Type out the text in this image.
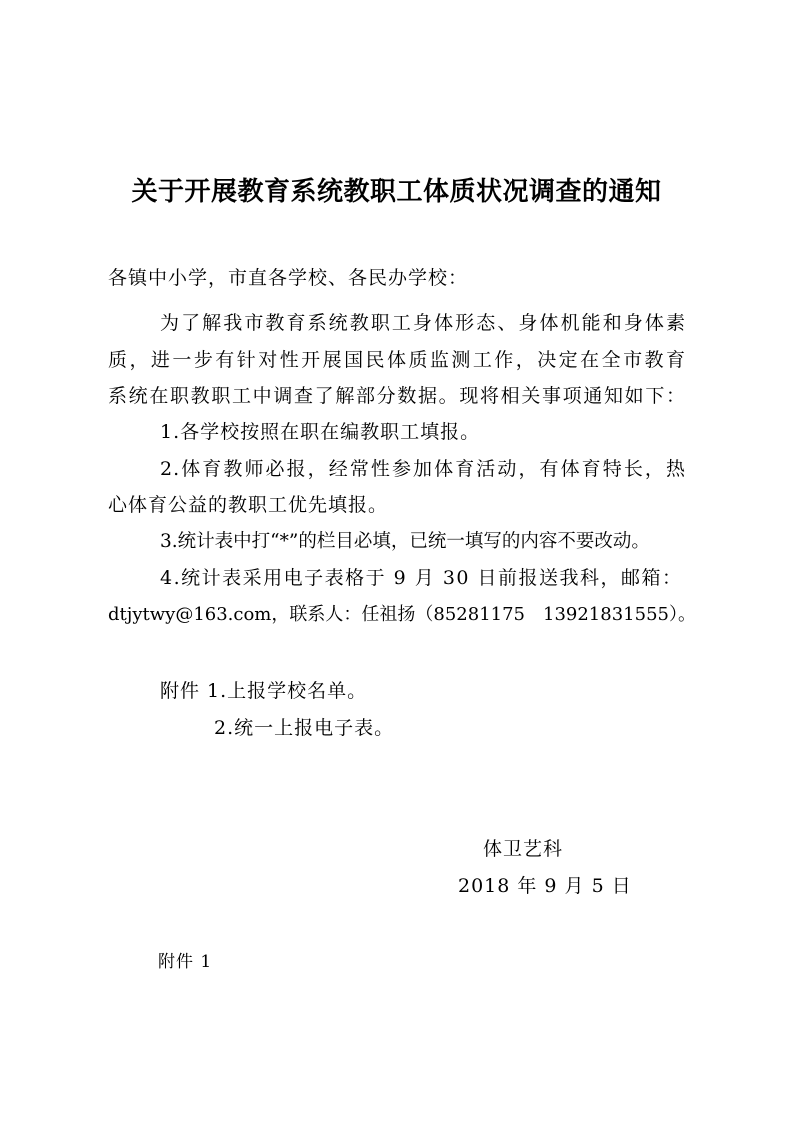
关于开展教育系统教职工体质状况调查的通知
各镇中小学，市直各学校、各民办学校：
为了解我市教育系统教职工身体形态、身体机能和身体素
质，进一步有针对性开展国民体质监测工作，决定在全市教育
系统在职教职工中调查了解部分数据。现将相关事项通知如下：
1.各学校按照在职在编教职工填报。
2.体育教师必报，经常性参加体育活动，有体育特长，热
心体育公益的教职工优先填报。
3.统计表中打“*”的栏目必填，已统一填写的内容不要改动。
4.统计表采用电子表格于 9 月 30 日前报送我科，邮箱：
dtjytwy@163.com，联系人：任祖扬（85281175　13921831555）。
附件 1.上报学校名单。
2.统一上报电子表。
体卫艺科
2018 年 9 月 5 日
附件 1
